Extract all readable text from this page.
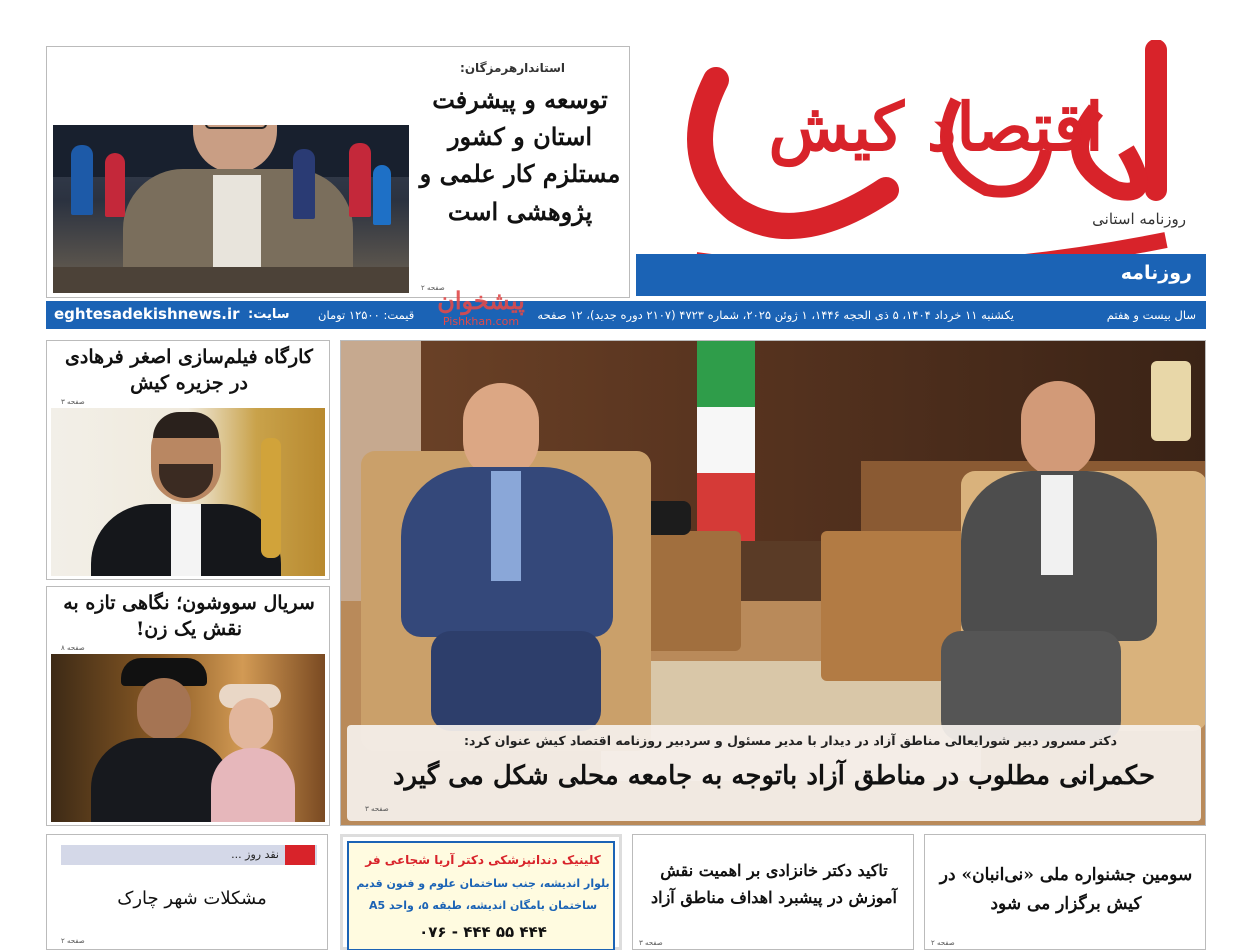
اقتصاد کیش
روزنامه استانی
روزنامه
استاندارهرمزگان:
توسعه و پیشرفت
استان و کشور
مستلزم کار علمی و
پژوهشی است
صفحه ۲
سال بیست و هفتم
یکشنبه ۱۱ خرداد ۱۴۰۴، ۵ ذی الحجه ۱۴۴۶، ۱ ژوئن ۲۰۲۵، شماره ۴۷۲۳ (۲۱۰۷ دوره جدید)، ۱۲ صفحه
قیمت: ۱۲۵۰۰ تومان
سایت:
eghtesadekishnews.ir	پیشخوان
Pishkhan.com
کارگاه فیلم‌سازی اصغر فرهادی در جزیره کیش
صفحه ۳
سریال سووشون؛ نگاهی تازه به نقش یک زن!
صفحه ۸
دکتر مسرور دبیر شورایعالی مناطق آزاد در دیدار با مدیر مسئول و سردبیر روزنامه اقتصاد کیش عنوان کرد:
حکمرانی مطلوب در مناطق آزاد باتوجه به جامعه محلی شکل می گیرد
صفحه ۳
نقد روز ...
مشکلات شهر چارک
صفحه ۲
کلینیک دندانپزشکی دکتر آریا شجاعی فر
بلوار اندیشه، جنب ساختمان علوم و فنون قدیم
ساختمان بامگان اندیشه، طبقه ۵، واحد A5
۰۷۶ - ۴۴۴ ۵۵ ۴۴۴
تاکید دکتر خانزادی بر اهمیت نقش آموزش در پیشبرد اهداف مناطق آزاد
صفحه ۳
سومین جشنواره ملی «نی‌انبان» در کیش برگزار می شود
صفحه ۲
